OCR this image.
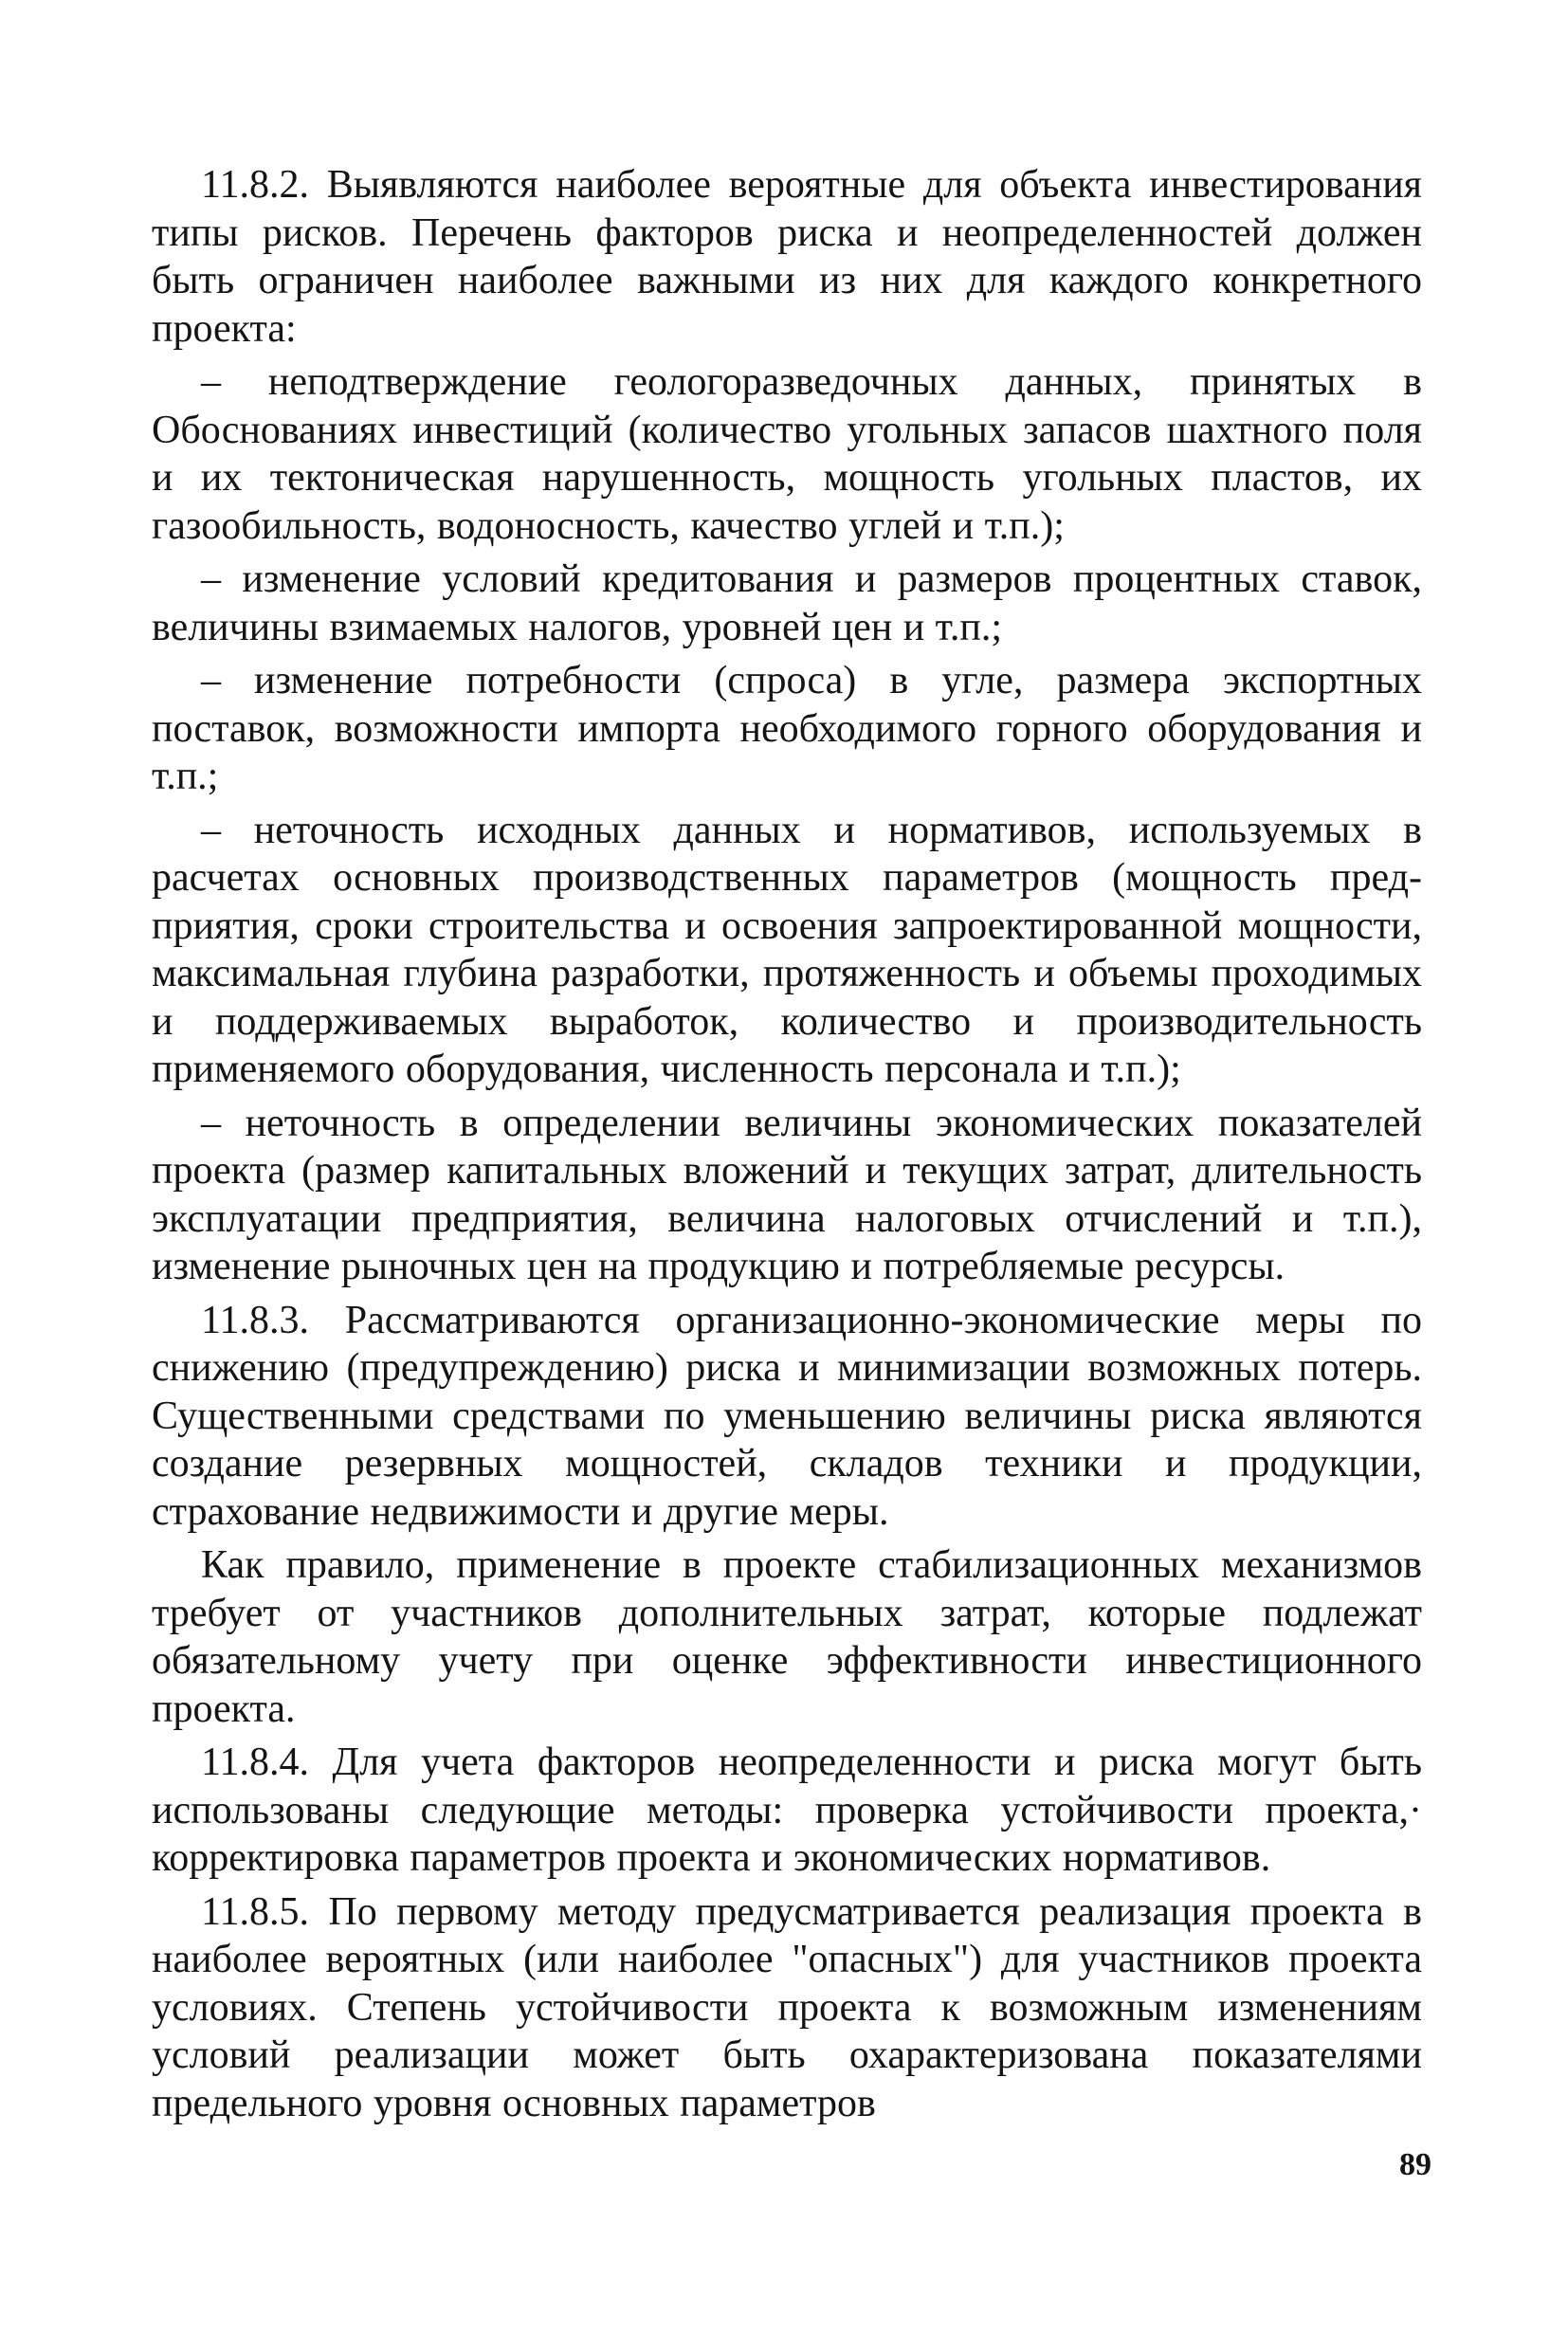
11.8.2. Выявляются наиболее вероятные для объекта инвестирования типы рисков. Перечень факторов риска и неопределенностей должен быть ограничен наиболее важными из них для каждого конкретного проекта:

– неподтверждение геологоразведочных данных, принятых в Обоснованиях инвестиций (количество угольных запасов шахтного поля и их тектоническая нарушенность, мощность угольных пластов, их газообильность, водоносность, качество углей и т.п.);

– изменение условий кредитования и размеров процентных ставок, величины взимаемых налогов, уровней цен и т.п.;

– изменение потребности (спроса) в угле, размера экспортных поставок, возможности импорта необходимого горного оборудования и т.п.;

– неточность исходных данных и нормативов, используемых в расчетах основных производственных параметров (мощность предприятия, сроки строительства и освоения запроектированной мощности, максимальная глубина разработки, протяженность и объемы проходимых и поддерживаемых выработок, количество и производительность применяемого оборудования, численность персонала и т.п.);

– неточность в определении величины экономических показателей проекта (размер капитальных вложений и текущих затрат, длительность эксплуатации предприятия, величина налоговых отчислений и т.п.), изменение рыночных цен на продукцию и потребляемые ресурсы.

11.8.3. Рассматриваются организационно-экономические меры по снижению (предупреждению) риска и минимизации возможных потерь. Существенными средствами по уменьшению величины риска являются создание резервных мощностей, складов техники и продукции, страхование недвижимости и другие меры.

Как правило, применение в проекте стабилизационных механизмов требует от участников дополнительных затрат, которые подлежат обязательному учету при оценке эффективности инвестиционного проекта.

11.8.4. Для учета факторов неопределенности и риска могут быть использованы следующие методы: проверка устойчивости проекта,· корректировка параметров проекта и экономических нормативов.

11.8.5. По первому методу предусматривается реализация проекта в наиболее вероятных (или наиболее "опасных") для участников проекта условиях. Степень устойчивости проекта к возможным изменениям условий реализации может быть охарактеризована показателями предельного уровня основных параметров

89
